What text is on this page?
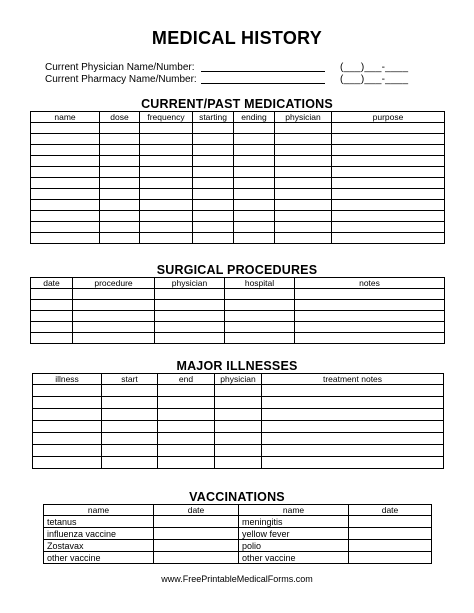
MEDICAL HISTORY
Current Physician Name/Number:	(___)___-____
Current Pharmacy Name/Number:	(___)___-____
CURRENT/PAST MEDICATIONS
name	dose	frequency	starting	ending	physician	purpose

SURGICAL PROCEDURES
date	procedure	physician	hospital	notes

MAJOR ILLNESSES
illness	start	end	physician	treatment notes

VACCINATIONS
name	date	name	date
tetanus		meningitis	
influenza vaccine		yellow fever	
Zostavax		polio	
other vaccine		other vaccine	
www.FreePrintableMedicalForms.com
